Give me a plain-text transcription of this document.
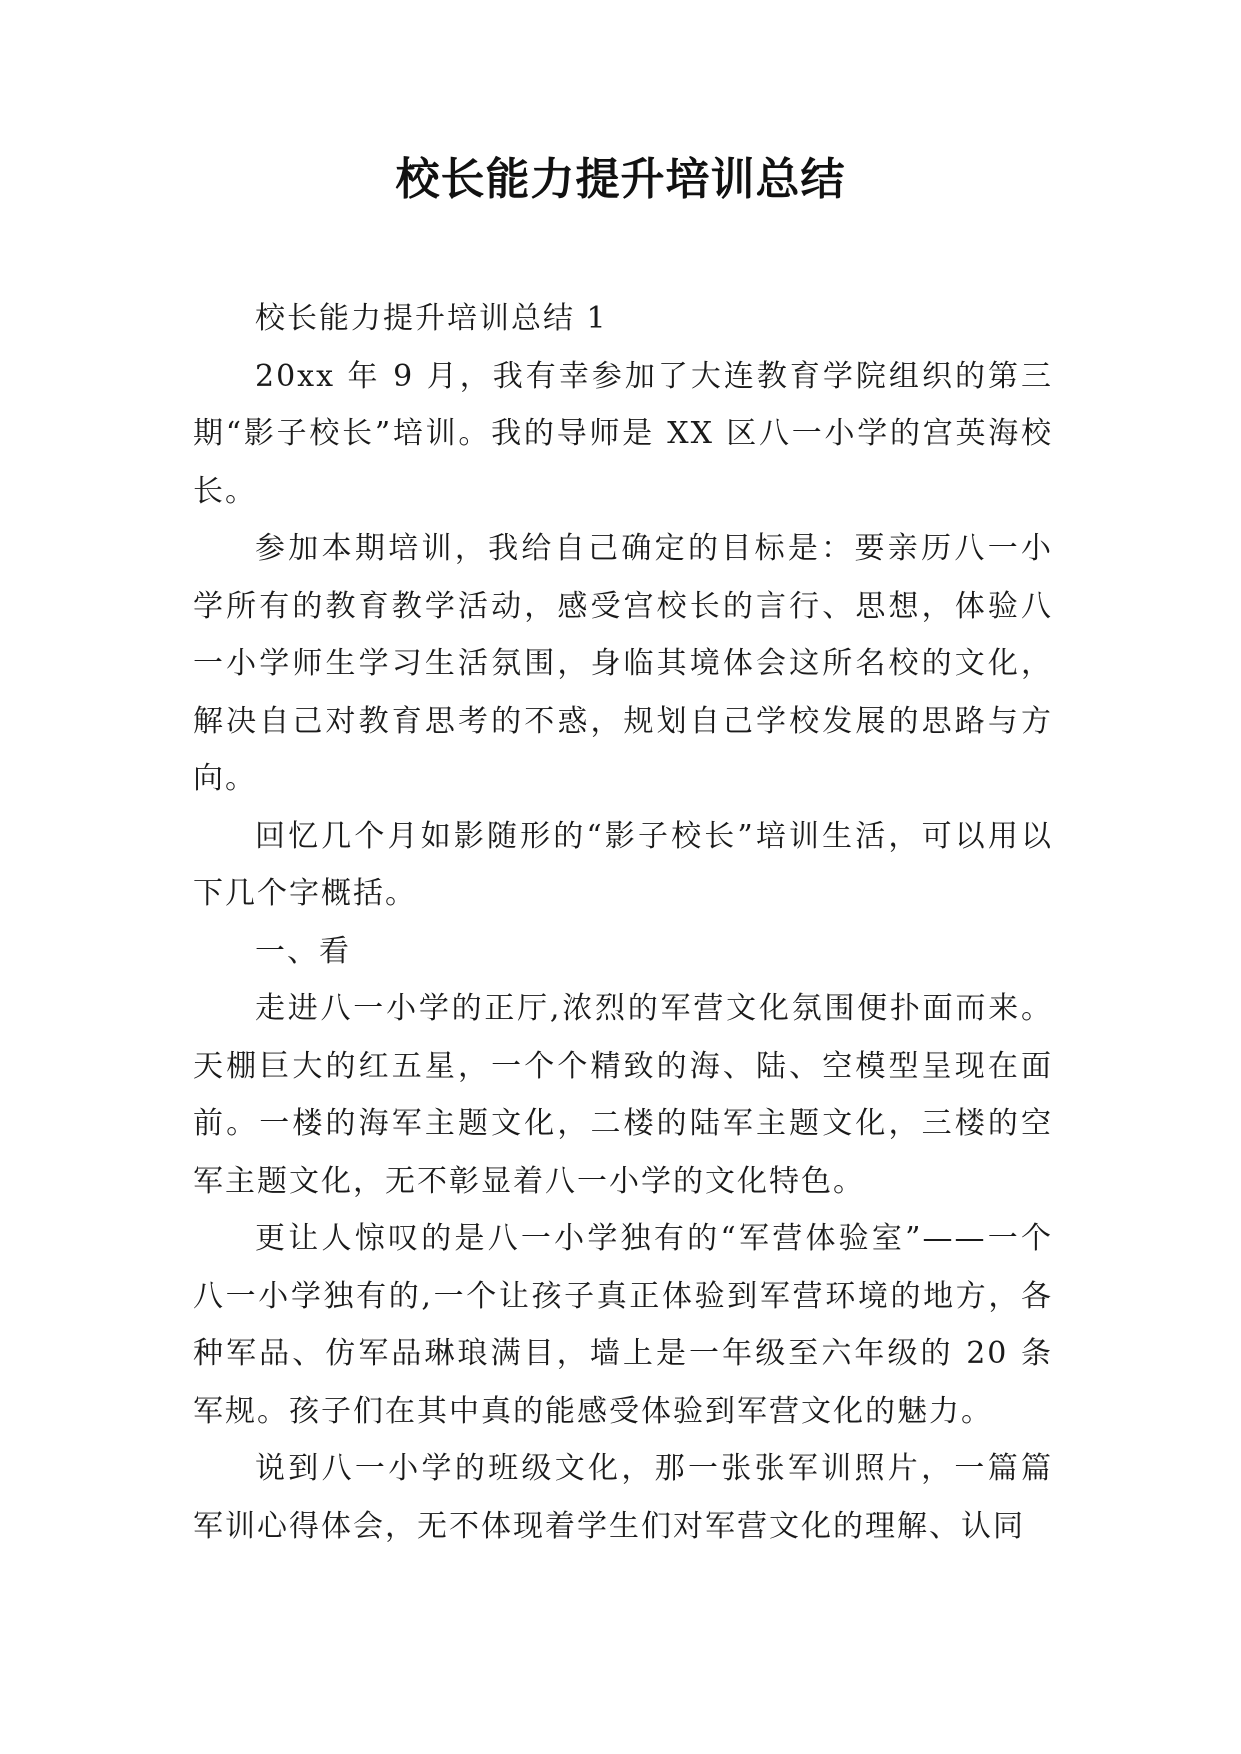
校长能力提升培训总结

校长能力提升培训总结 1

20xx 年 9 月，我有幸参加了大连教育学院组织的第三期“影子校长”培训。我的导师是 XX 区八一小学的宫英海校长。

参加本期培训，我给自己确定的目标是：要亲历八一小学所有的教育教学活动，感受宫校长的言行、思想，体验八一小学师生学习生活氛围，身临其境体会这所名校的文化，解决自己对教育思考的不惑，规划自己学校发展的思路与方向。

回忆几个月如影随形的“影子校长”培训生活，可以用以下几个字概括。

一、看

走进八一小学的正厅,浓烈的军营文化氛围便扑面而来。天棚巨大的红五星，一个个精致的海、陆、空模型呈现在面前。一楼的海军主题文化，二楼的陆军主题文化，三楼的空军主题文化，无不彰显着八一小学的文化特色。

更让人惊叹的是八一小学独有的“军营体验室”——一个八一小学独有的,一个让孩子真正体验到军营环境的地方，各种军品、仿军品琳琅满目，墙上是一年级至六年级的 20 条军规。孩子们在其中真的能感受体验到军营文化的魅力。

说到八一小学的班级文化，那一张张军训照片，一篇篇军训心得体会，无不体现着学生们对军营文化的理解、认同
